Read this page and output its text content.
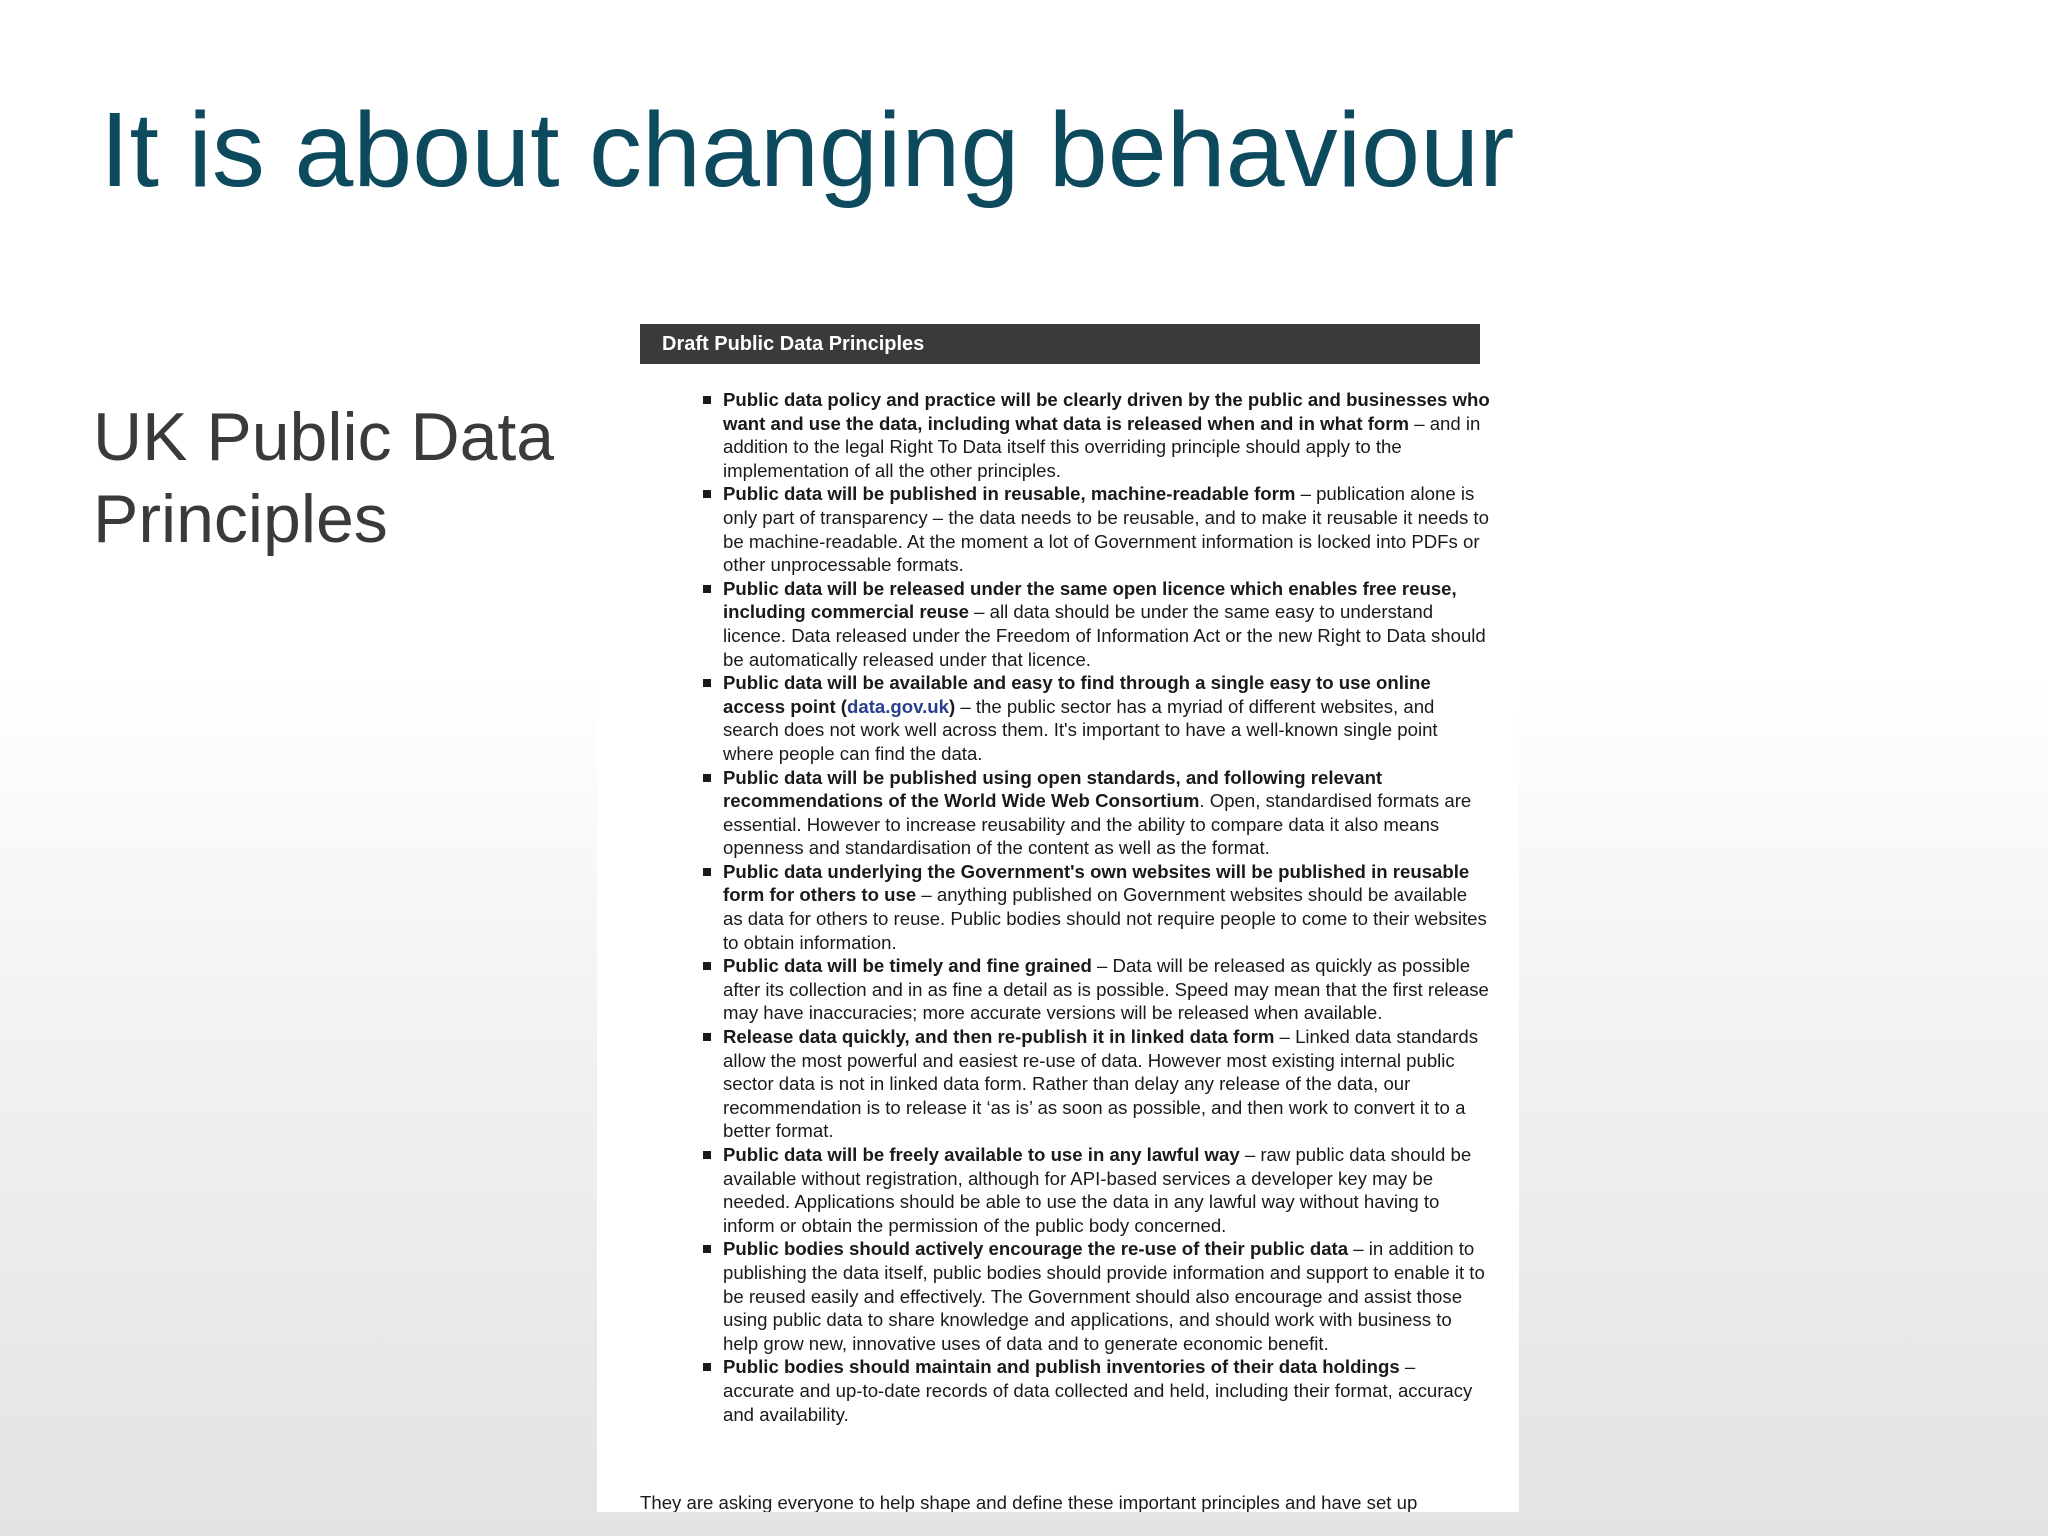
It is about changing behaviour
UK Public Data Principles
Draft Public Data Principles
Public data policy and practice will be clearly driven by the public and businesses who want and use the data, including what data is released when and in what form – and in addition to the legal Right To Data itself this overriding principle should apply to the implementation of all the other principles.
Public data will be published in reusable, machine-readable form – publication alone is only part of transparency – the data needs to be reusable, and to make it reusable it needs to be machine-readable. At the moment a lot of Government information is locked into PDFs or other unprocessable formats.
Public data will be released under the same open licence which enables free reuse, including commercial reuse – all data should be under the same easy to understand licence. Data released under the Freedom of Information Act or the new Right to Data should be automatically released under that licence.
Public data will be available and easy to find through a single easy to use online access point (data.gov.uk) – the public sector has a myriad of different websites, and search does not work well across them. It's important to have a well-known single point where people can find the data.
Public data will be published using open standards, and following relevant recommendations of the World Wide Web Consortium. Open, standardised formats are essential. However to increase reusability and the ability to compare data it also means openness and standardisation of the content as well as the format.
Public data underlying the Government's own websites will be published in reusable form for others to use – anything published on Government websites should be available as data for others to reuse. Public bodies should not require people to come to their websites to obtain information.
Public data will be timely and fine grained – Data will be released as quickly as possible after its collection and in as fine a detail as is possible. Speed may mean that the first release may have inaccuracies; more accurate versions will be released when available.
Release data quickly, and then re-publish it in linked data form – Linked data standards allow the most powerful and easiest re-use of data. However most existing internal public sector data is not in linked data form. Rather than delay any release of the data, our recommendation is to release it ‘as is’ as soon as possible, and then work to convert it to a better format.
Public data will be freely available to use in any lawful way – raw public data should be available without registration, although for API-based services a developer key may be needed. Applications should be able to use the data in any lawful way without having to inform or obtain the permission of the public body concerned.
Public bodies should actively encourage the re-use of their public data – in addition to publishing the data itself, public bodies should provide information and support to enable it to be reused easily and effectively. The Government should also encourage and assist those using public data to share knowledge and applications, and should work with business to help grow new, innovative uses of data and to generate economic benefit.
Public bodies should maintain and publish inventories of their data holdings – accurate and up-to-date records of data collected and held, including their format, accuracy and availability.

They are asking everyone to help shape and define these important principles and have set up
